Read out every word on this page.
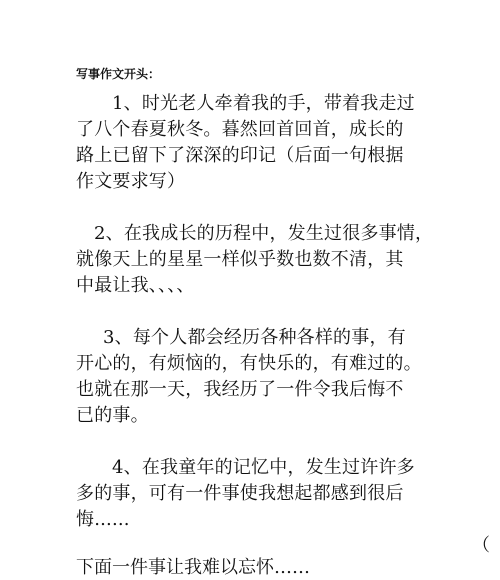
写事作文开头：
1、时光老人牵着我的手，带着我走过
了八个春夏秋冬。暮然回首回首，成长的
路上已留下了深深的印记（后面一句根据
作文要求写）
2、在我成长的历程中，发生过很多事情，
就像天上的星星一样似乎数也数不清，其
中最让我、、、、
3、每个人都会经历各种各样的事，有
开心的，有烦恼的，有快乐的，有难过的。
也就在那一天，我经历了一件令我后悔不
已的事。
4、在我童年的记忆中，发生过许许多
多的事，可有一件事使我想起都感到很后
悔......
（
下面一件事让我难以忘怀……
